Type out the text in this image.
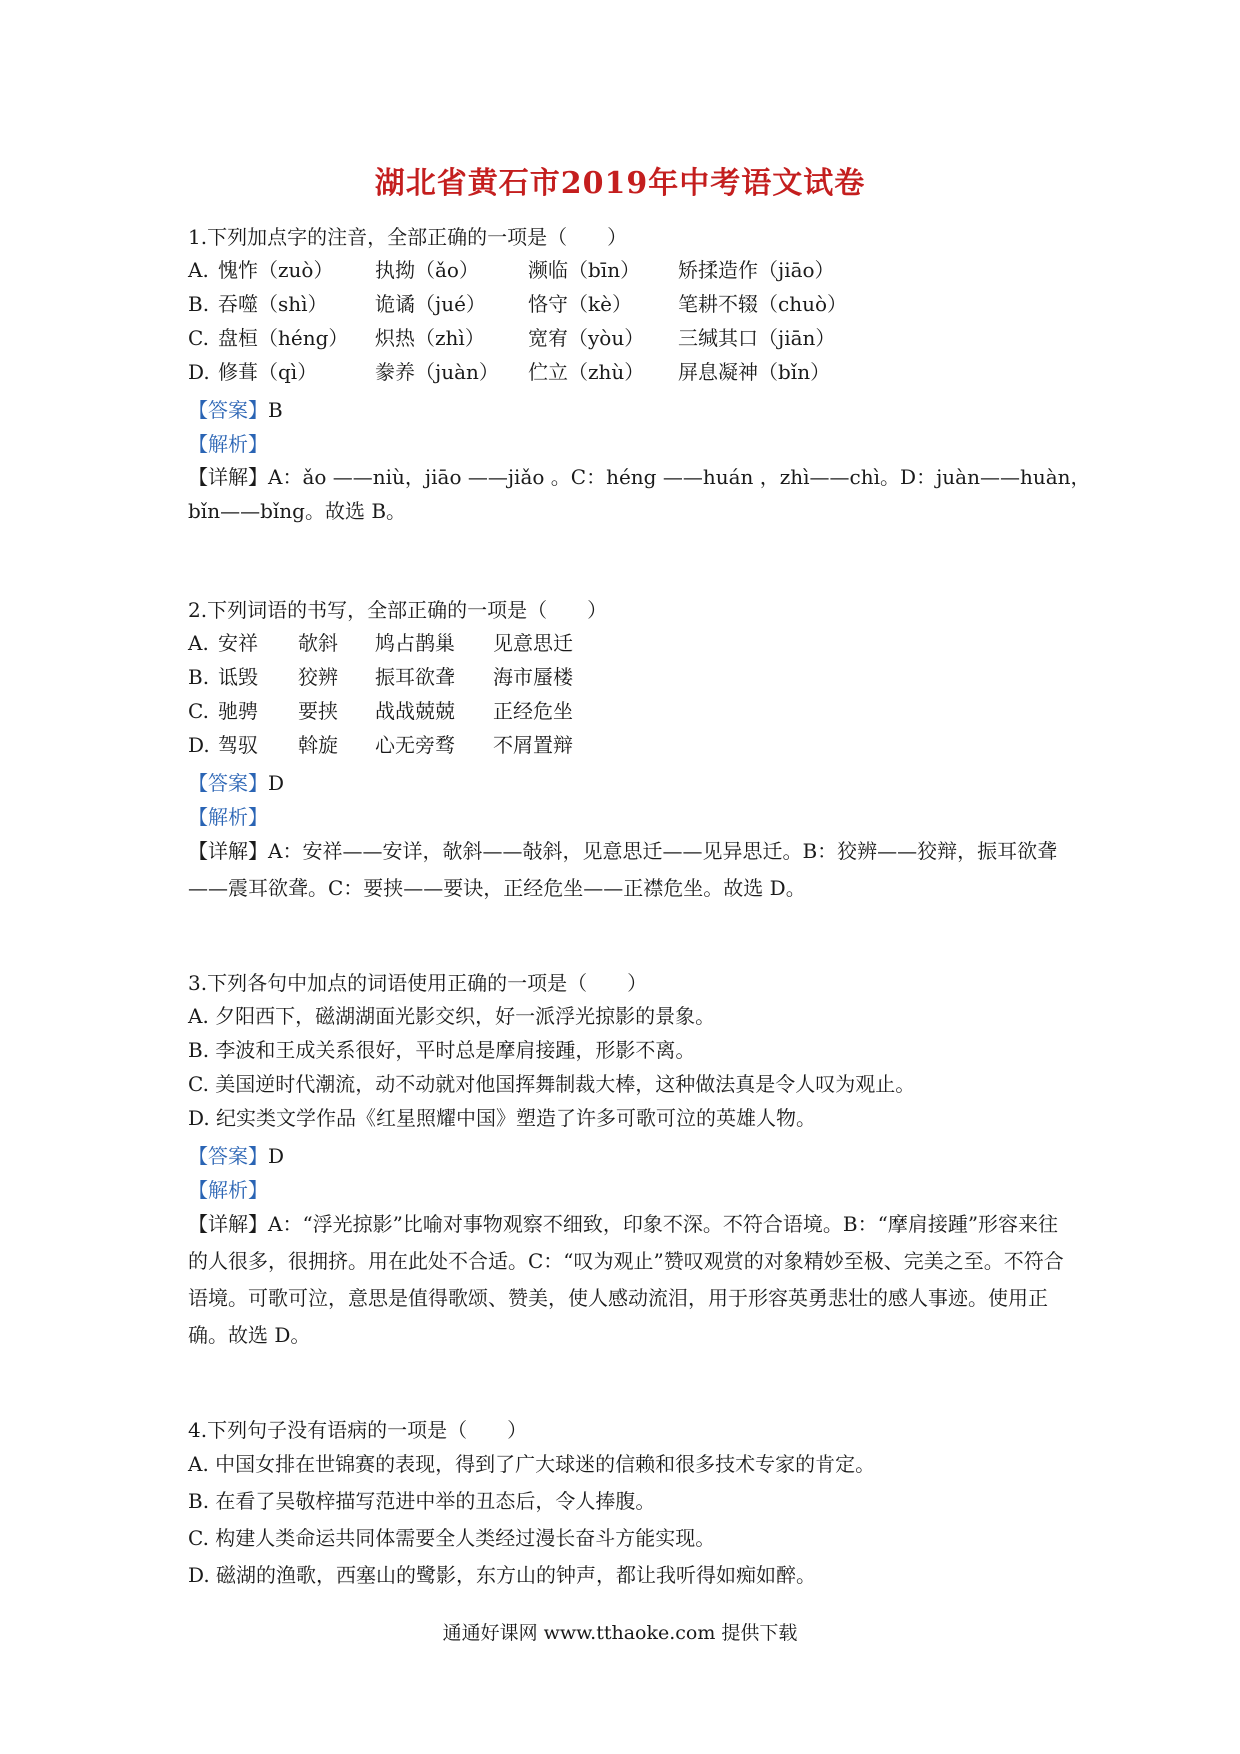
湖北省黄石市2019年中考语文试卷
1.下列加点字的注音，全部正确的一项是（　　）
A. 愧怍（zuò） 执拗（ǎo） 濒临（bīn） 矫揉造作（jiāo）
B. 吞噬（shì） 诡谲（jué） 恪守（kè） 笔耕不辍（chuò）
C. 盘桓（héng） 炽热（zhì） 宽宥（yòu） 三缄其口（jiān）
D. 修葺（qì）	豢养（juàn） 伫立（zhù） 屏息凝神（bǐn）
【答案】B
【解析】
【详解】A：ǎo ——niù，jiāo ——jiǎo 。C：héng ——huán ，zhì——chì。D：juàn——huàn，
bǐn——bǐng。故选 B。
2.下列词语的书写，全部正确的一项是（　　）
A. 安祥 欹斜 鸠占鹊巢 见意思迁
B. 诋毁 狡辨 振耳欲聋 海市蜃楼
C. 驰骋 要挟 战战兢兢 正经危坐
D. 驾驭 斡旋 心无旁骛 不屑置辩
【答案】D
【解析】
【详解】A：安祥——安详，欹斜——敧斜，见意思迁——见异思迁。B：狡辨——狡辩，振耳欲聋——震耳欲聋。C：要挟——要诀，正经危坐——正襟危坐。故选 D。
3.下列各句中加点的词语使用正确的一项是（　　）
A. 夕阳西下，磁湖湖面光影交织，好一派浮光掠影的景象。
B. 李波和王成关系很好，平时总是摩肩接踵，形影不离。
C. 美国逆时代潮流，动不动就对他国挥舞制裁大棒，这种做法真是令人叹为观止。
D. 纪实类文学作品《红星照耀中国》塑造了许多可歌可泣的英雄人物。
【答案】D
【解析】
【详解】A：“浮光掠影”比喻对事物观察不细致，印象不深。不符合语境。B：“摩肩接踵”形容来往的人很多，很拥挤。用在此处不合适。C：“叹为观止”赞叹观赏的对象精妙至极、完美之至。不符合语境。可歌可泣，意思是值得歌颂、赞美，使人感动流泪，用于形容英勇悲壮的感人事迹。使用正确。故选 D。
4.下列句子没有语病的一项是（　　）
A. 中国女排在世锦赛的表现，得到了广大球迷的信赖和很多技术专家的肯定。
B. 在看了吴敬梓描写范进中举的丑态后，令人捧腹。
C. 构建人类命运共同体需要全人类经过漫长奋斗方能实现。
D. 磁湖的渔歌，西塞山的鹭影，东方山的钟声，都让我听得如痴如醉。
通通好课网 www.tthaoke.com 提供下载
